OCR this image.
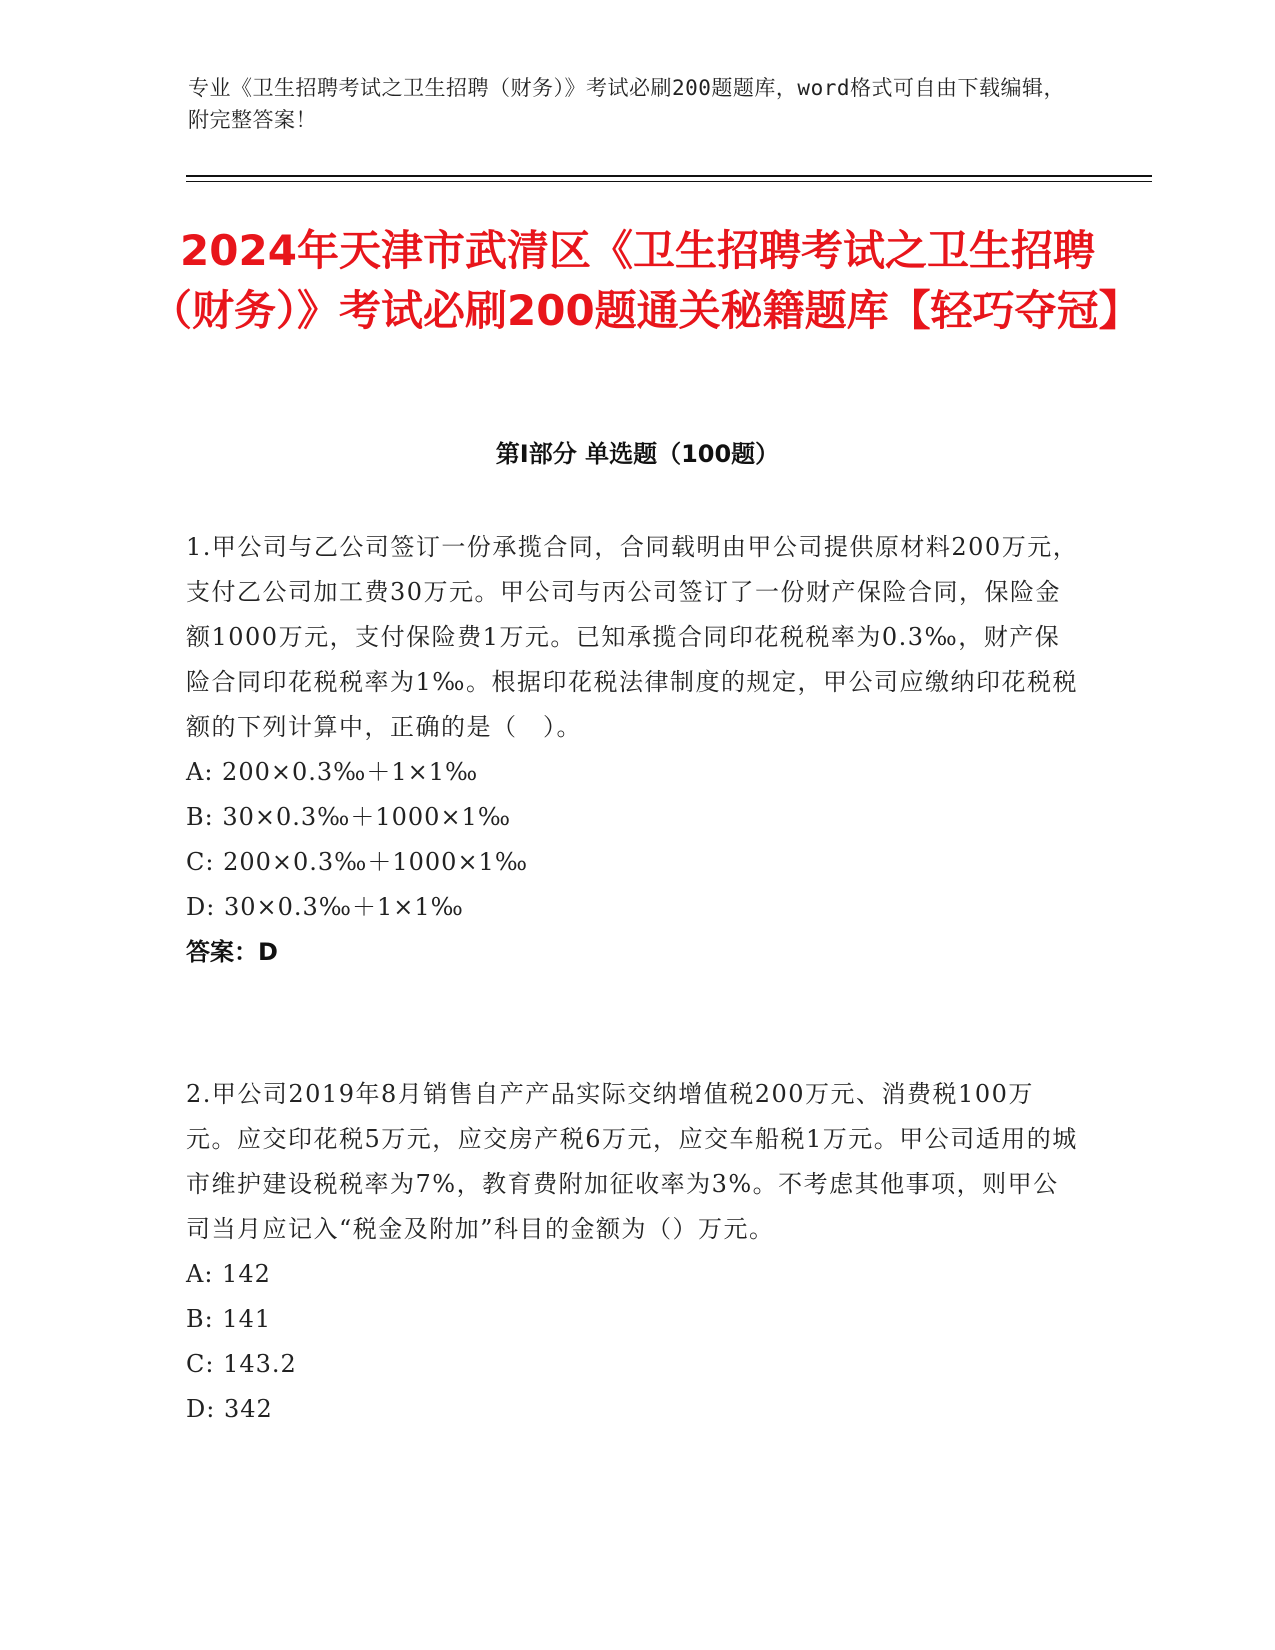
专业《卫生招聘考试之卫生招聘（财务）》考试必刷200题题库，word格式可自由下载编辑，附完整答案！
2024年天津市武清区《卫生招聘考试之卫生招聘（财务）》考试必刷200题通关秘籍题库【轻巧夺冠】
第I部分 单选题（100题）

1.甲公司与乙公司签订一份承揽合同，合同载明由甲公司提供原材料200万元，支付乙公司加工费30万元。甲公司与丙公司签订了一份财产保险合同，保险金额1000万元，支付保险费1万元。已知承揽合同印花税税率为0.3‰，财产保险合同印花税税率为1‰。根据印花税法律制度的规定，甲公司应缴纳印花税税额的下列计算中，正确的是（　）。

A: 200×0.3‰＋1×1‰

B: 30×0.3‰＋1000×1‰

C: 200×0.3‰＋1000×1‰

D: 30×0.3‰＋1×1‰

答案：D

2.甲公司2019年8月销售自产产品实际交纳增值税200万元、消费税100万元。应交印花税5万元，应交房产税6万元，应交车船税1万元。甲公司适用的城市维护建设税税率为7%，教育费附加征收率为3%。不考虑其他事项，则甲公司当月应记入“税金及附加”科目的金额为（）万元。

A: 142

B: 141

C: 143.2

D: 342
